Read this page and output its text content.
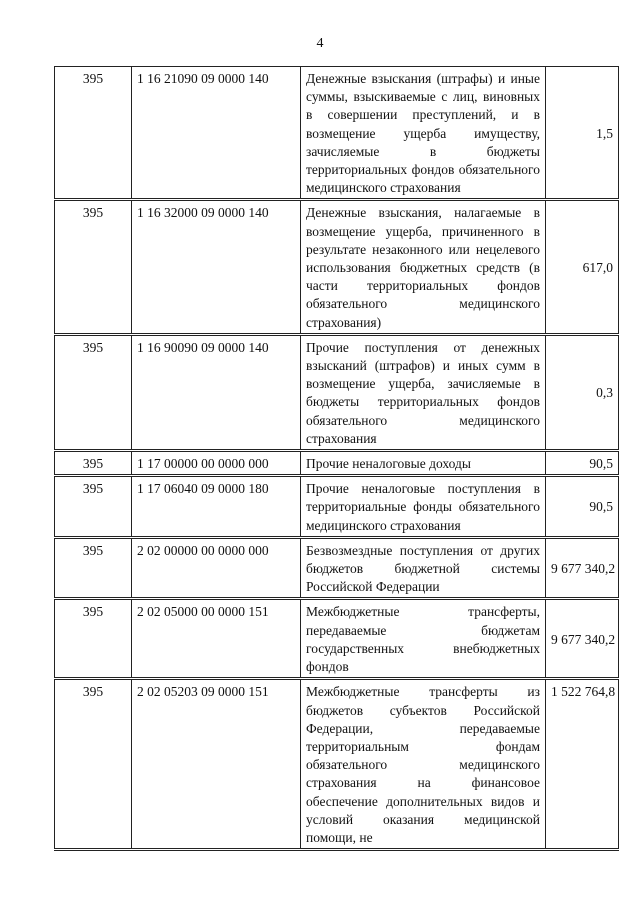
4
395	1 16 21090 09 0000 140	Денежные взыскания (штрафы) и иные суммы, взыскиваемые с лиц, виновных в совершении преступлений, и в возмещение ущерба имуществу, зачисляемые в бюджеты территориальных фондов обязательного медицинского страхования	1,5
395	1 16 32000 09 0000 140	Денежные взыскания, налагаемые в возмещение ущерба, причиненного в результате незаконного или нецелевого использования бюджетных средств (в части территориальных фондов обязательного медицинского страхования)	617,0
395	1 16 90090 09 0000 140	Прочие поступления от денежных взысканий (штрафов) и иных сумм в возмещение ущерба, зачисляемые в бюджеты территориальных фондов обязательного медицинского страхования	0,3
395	1 17 00000 00 0000 000	Прочие неналоговые доходы	90,5
395	1 17 06040 09 0000 180	Прочие неналоговые поступления в территориальные фонды обязательного медицинского страхования	90,5
395	2 02 00000 00 0000 000	Безвозмездные поступления от других бюджетов бюджетной системы Российской Федерации	9 677 340,2
395	2 02 05000 00 0000 151	Межбюджетные трансферты, передаваемые бюджетам государственных внебюджетных фондов	9 677 340,2
395	2 02 05203 09 0000 151	Межбюджетные трансферты из бюджетов субъектов Российской Федерации, передаваемые территориальным фондам обязательного медицинского страхования на финансовое обеспечение дополнительных видов и условий оказания медицинской помощи, не	1 522 764,8
